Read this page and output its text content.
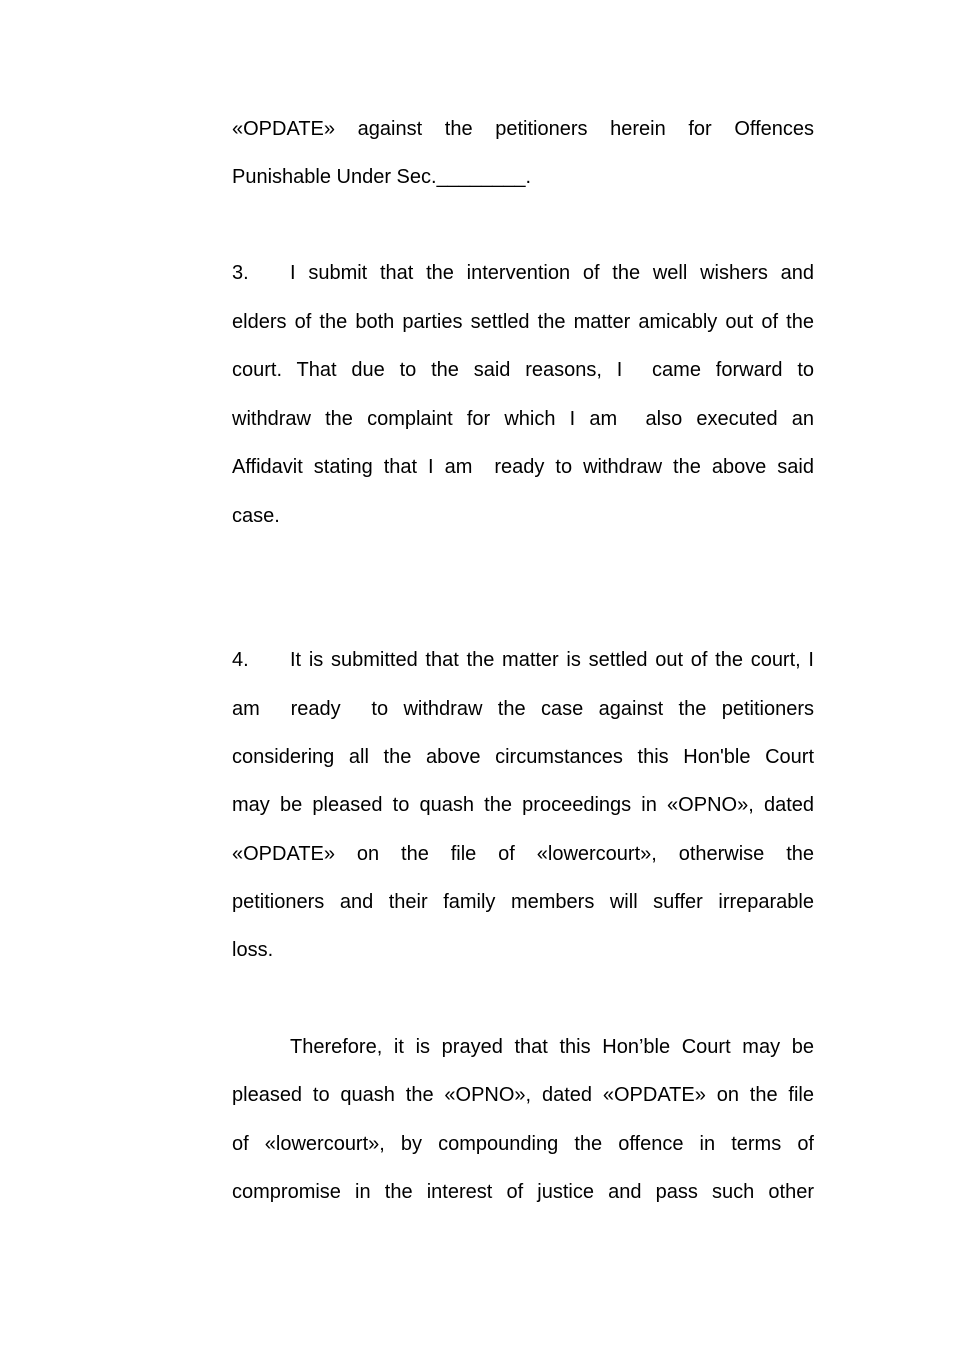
«OPDATE» against the petitioners herein for Offences
Punishable Under Sec.________.
3.	I submit that the intervention of the well wishers and
elders of the both parties settled the matter amicably out of the
court. That due to the said reasons, I  came forward to
withdraw the complaint for which I am  also executed an
Affidavit stating that I am  ready to withdraw the above said
case.
4.	It is submitted that the matter is settled out of the court, I
am  ready  to withdraw the case against the petitioners
considering all the above circumstances this Hon'ble Court
may be pleased to quash the proceedings in «OPNO», dated
«OPDATE» on the file of «lowercourt», otherwise the
petitioners and their family members will suffer irreparable
loss.
Therefore, it is prayed that this Hon’ble Court may be
pleased to quash the «OPNO», dated «OPDATE» on the file
of «lowercourt», by compounding the offence in terms of
compromise in the interest of justice and pass such other
